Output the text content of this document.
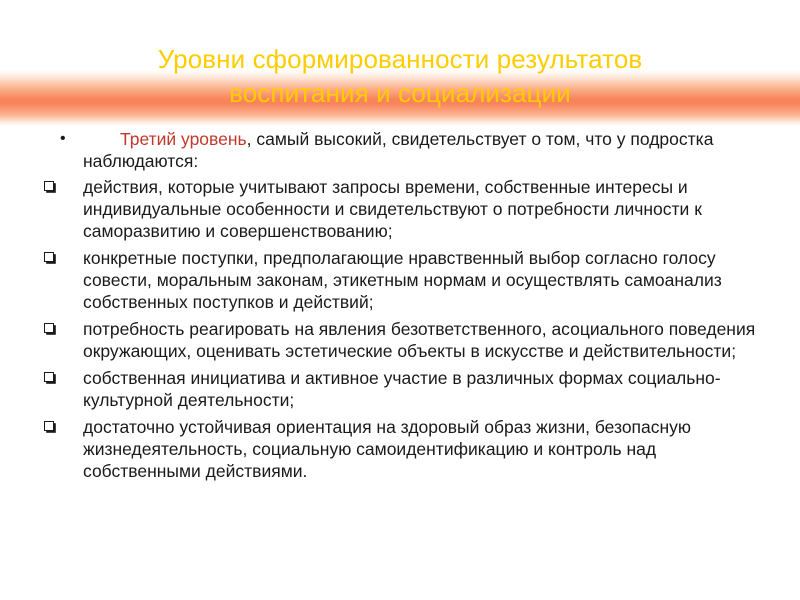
Уровни сформированности результатов
воспитания и социализации
•	Третий уровень, самый высокий, свидетельствует о том, что у подростка наблюдаются:
действия, которые учитывают запросы времени, собственные интересы и индивидуальные особенности и свидетельствуют о потребности личности к саморазвитию и совершенствованию;
конкретные поступки, предполагающие нравственный выбор согласно голосу совести, моральным законам, этикетным нормам и осуществлять самоанализ собственных поступков и действий;
потребность реагировать на явления безответственного, асоциального поведения окружающих, оценивать эстетические объекты в искусстве и действительности;
собственная инициатива и активное участие в различных формах социально-культурной деятельности;
достаточно устойчивая ориентация на здоровый образ жизни, безопасную жизнедеятельность, социальную самоидентификацию и контроль над собственными действиями.
